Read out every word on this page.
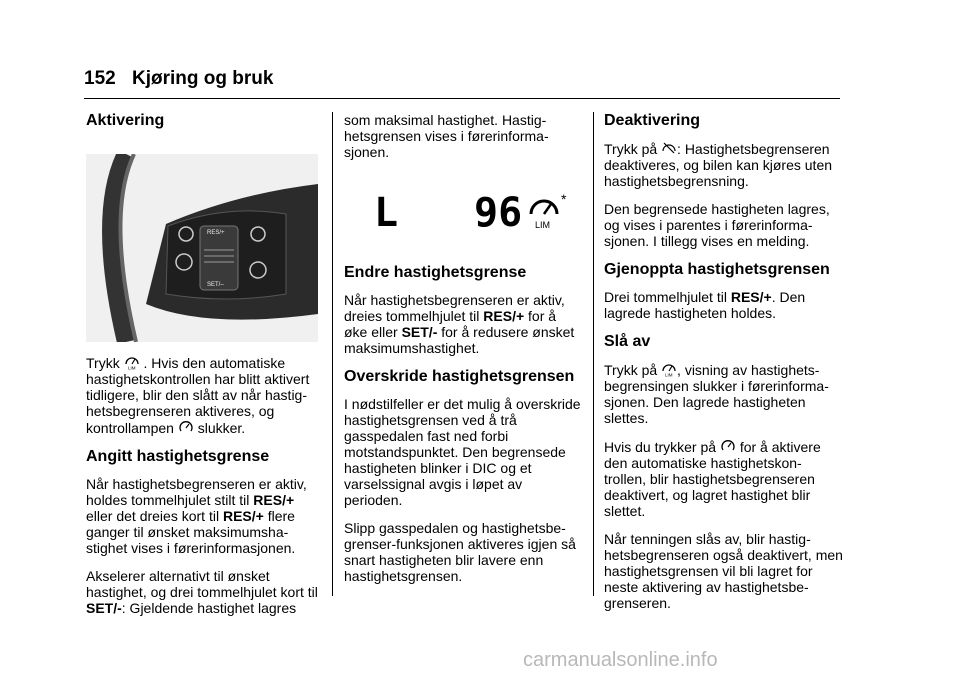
152 Kjøring og bruk
Aktivering
RES/+
SET/–

Trykk LIM . Hvis den automatiske hastighetskontrollen har blitt aktivert tidligere, blir den slått av når hastig- hetsbegrenseren aktiveres, og kontrollampen slukker.

Angitt hastighetsgrense

Når hastighetsbegrenseren er aktiv, holdes tommelhjulet stilt til RES/+ eller det dreies kort til RES/+ flere ganger til ønsket maksimumsha- stighet vises i førerinformasjonen.

Akselerer alternativt til ønsket hastighet, og drei tommelhjulet kort til SET/-: Gjeldende hastighet lagres

som maksimal hastighet. Hastig- hetsgrensen vises i førerinforma- sjonen.

L 96 LIM
*
Endre hastighetsgrense

Når hastighetsbegrenseren er aktiv, dreies tommelhjulet til RES/+ for å øke eller SET/- for å redusere ønsket maksimumshastighet.

Overskride hastighetsgrensen

I nødstilfeller er det mulig å overskride hastighetsgrensen ved å trå gasspedalen fast ned forbi motstandspunktet. Den begrensede hastigheten blinker i DIC og et varselssignal avgis i løpet av perioden.

Slipp gasspedalen og hastighetsbe- grenser-funksjonen aktiveres igjen så snart hastigheten blir lavere enn hastighetsgrensen.

Deaktivering

Trykk på : Hastighetsbegrenseren deaktiveres, og bilen kan kjøres uten hastighetsbegrensning.

Den begrensede hastigheten lagres, og vises i parentes i førerinforma- sjonen. I tillegg vises en melding.

Gjenoppta hastighetsgrensen

Drei tommelhjulet til RES/+. Den lagrede hastigheten holdes.

Slå av

Trykk på LIM , visning av hastighets- begrensingen slukker i førerinforma- sjonen. Den lagrede hastigheten slettes.

Hvis du trykker på for å aktivere den automatiske hastighetskon- trollen, blir hastighetsbegrenseren deaktivert, og lagret hastighet blir slettet.

Når tenningen slås av, blir hastig- hetsbegrenseren også deaktivert, men hastighetsgrensen vil bli lagret for neste aktivering av hastighetsbe- grenseren.

carmanualsonline.info
